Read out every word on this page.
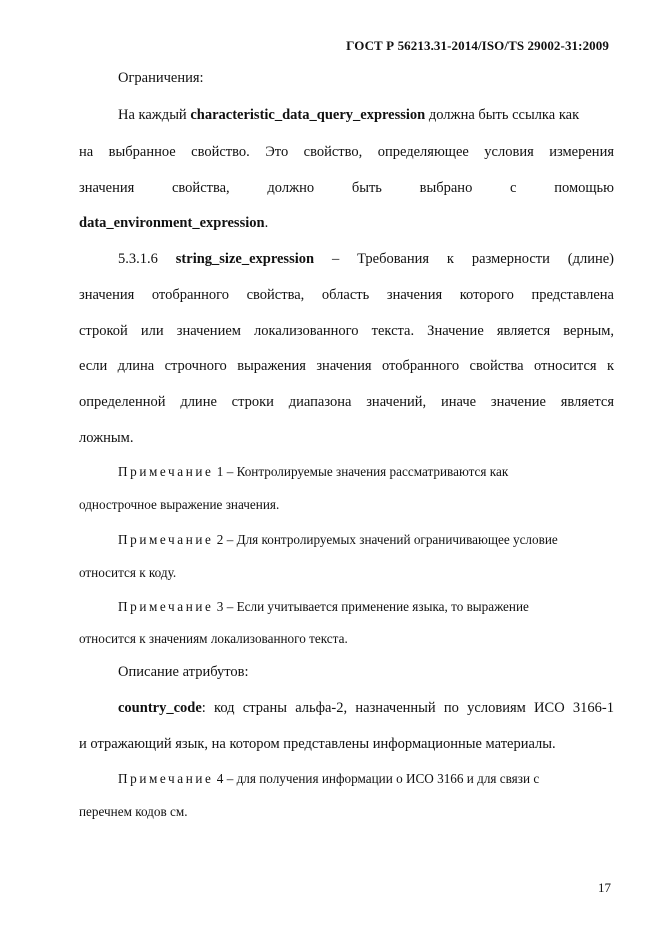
ГОСТ Р 56213.31-2014/ISO/TS 29002-31:2009
Ограничения:
На каждый characteristic_data_query_expression должна быть ссылка как
на выбранное свойство. Это свойство, определяющее условия измерения
значения свойства, должно быть выбрано с помощью
data_environment_expression.
5.3.1.6 string_size_expression – Требования к размерности (длине)
значения отобранного свойства, область значения которого представлена
строкой или значением локализованного текста. Значение является верным,
если длина строчного выражения значения отобранного свойства относится к
определенной длине строки диапазона значений, иначе значение является
ложным.
Примечание 1 – Контролируемые значения рассматриваются как
однострочное выражение значения.
Примечание 2 – Для контролируемых значений ограничивающее условие
относится к коду.
Примечание 3 – Если учитывается применение языка, то выражение
относится к значениям локализованного текста.
Описание атрибутов:
country_code: код страны альфа-2, назначенный по условиям ИСО 3166-1
и отражающий язык, на котором представлены информационные материалы.
Примечание 4 – для получения информации о ИСО 3166 и для связи с
перечнем кодов см.
17
